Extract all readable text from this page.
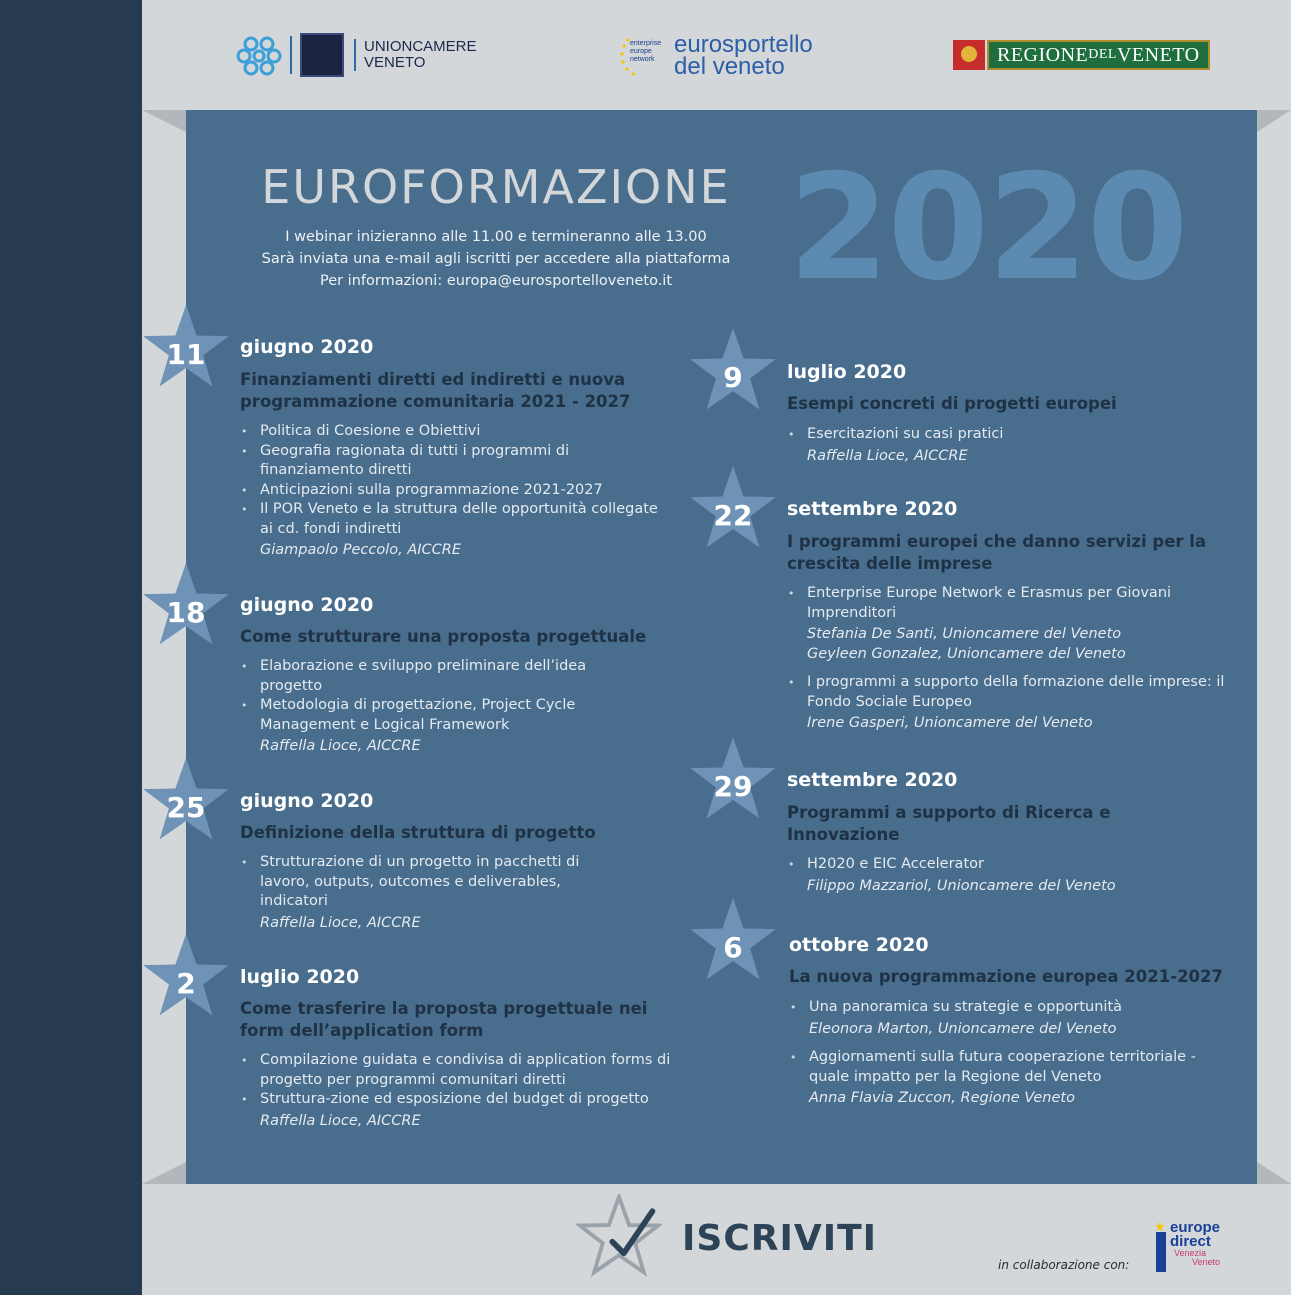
UNIONCAMERE
VENETO
enterprise
europe
network
eurosportello
del veneto	REGIONE DEL VENETO
EUROFORMAZIONE
I webinar inizieranno alle 11.00 e termineranno alle 13.00
Sarà inviata una e-mail agli iscritti per accedere alla piattaforma
Per informazioni: europa@eurosportelloveneto.it 2020
11	giugno 2020
Finanziamenti diretti ed indiretti e nuova programmazione comunitaria 2021 - 2027
• Politica di Coesione e Obiettivi
• Geografia ragionata di tutti i programmi di finanziamento diretti
• Anticipazioni sulla programmazione 2021-2027
• Il POR Veneto e la struttura delle opportunità collegate ai cd. fondi indiretti
Giampaolo Peccolo, AICCRE
18	giugno 2020
Come strutturare una proposta progettuale
• Elaborazione e sviluppo preliminare dell’idea progetto
• Metodologia di progettazione, Project Cycle Management e Logical Framework
Raffella Lioce, AICCRE
25	giugno 2020
Definizione della struttura di progetto
• Strutturazione di un progetto in pacchetti di lavoro, outputs, outcomes e deliverables, indicatori
Raffella Lioce, AICCRE
2	luglio 2020
Come trasferire la proposta progettuale nei form dell’application form
• Compilazione guidata e condivisa di application forms di progetto per programmi comunitari diretti
• Struttura-zione ed esposizione del budget di progetto
Raffella Lioce, AICCRE
9	luglio 2020
Esempi concreti di progetti europei
• Esercitazioni su casi pratici
Raffella Lioce, AICCRE
22	settembre 2020
I programmi europei che danno servizi per la crescita delle imprese
• Enterprise Europe Network e Erasmus per Giovani Imprenditori
Stefania De Santi, Unioncamere del Veneto
Geyleen Gonzalez, Unioncamere del Veneto
• I programmi a supporto della formazione delle imprese: il Fondo Sociale Europeo
Irene Gasperi, Unioncamere del Veneto
29	settembre 2020
Programmi a supporto di Ricerca e Innovazione
• H2020 e EIC Accelerator
Filippo Mazzariol, Unioncamere del Veneto
6	ottobre 2020
La nuova programmazione europea 2021-2027
• Una panoramica su strategie e opportunità
Eleonora Marton, Unioncamere del Veneto
• Aggiornamenti sulla futura cooperazione territoriale - quale impatto per la Regione del Veneto
Anna Flavia Zuccon, Regione Veneto
ISCRIVITI
in collaborazione con:
★ europe
direct
Venezia
Veneto
